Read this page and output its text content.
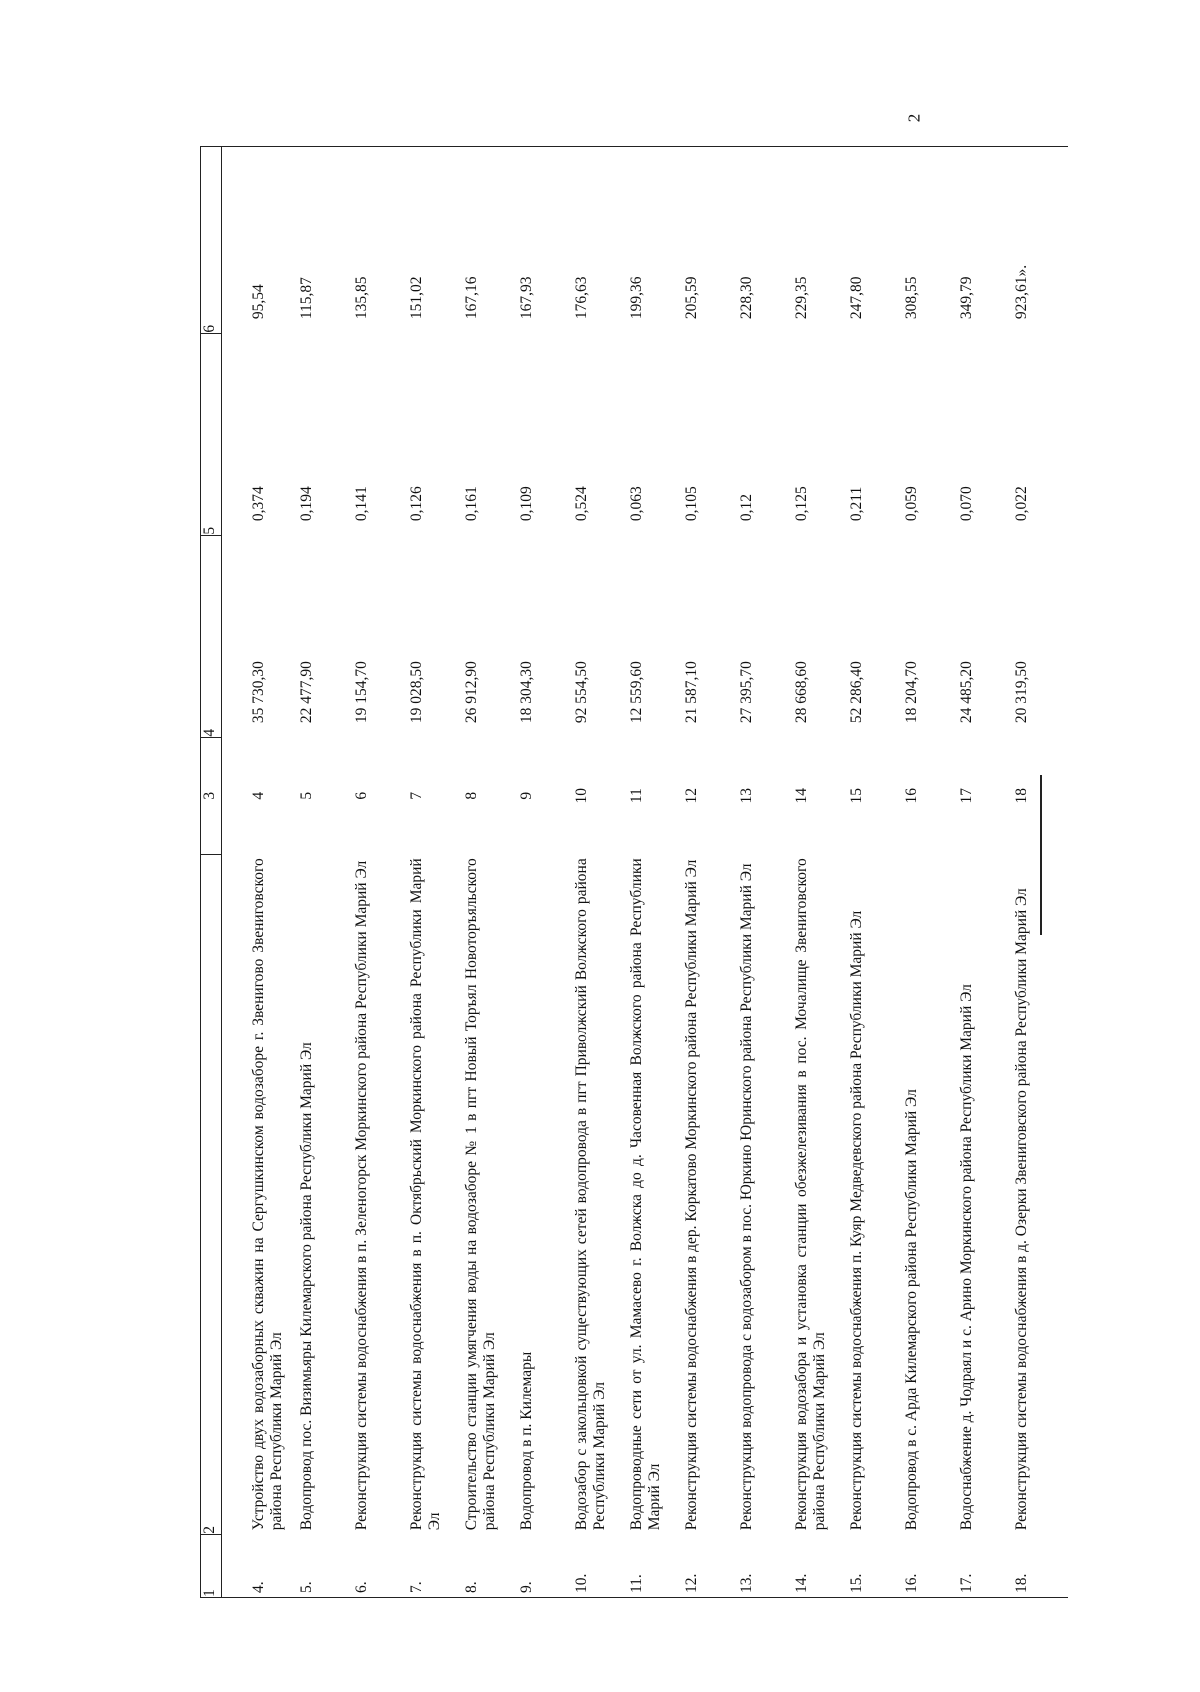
2
1	2	3	4	5	6
4.	Устройство двух водозаборных скважин на Сергушкинском водозаборе г. Звенигово Звениговского района Республики Марий Эл	4	35 730,30	0,374	95,54
5.	Водопровод пос. Визимьяры Килемарского района Республики Марий Эл	5	22 477,90	0,194	115,87
6.	Реконструкция системы водоснабжения в п. Зеленогорск Моркинского района Республики Марий Эл	6	19 154,70	0,141	135,85
7.	Реконструкция системы водоснабжения в п. Октябрьский Моркинского района Республики Марий Эл	7	19 028,50	0,126	151,02
8.	Строительство станции умягчения воды на водозаборе № 1 в пгт Новый Торъял Новоторъяльского района Республики Марий Эл	8	26 912,90	0,161	167,16
9.	Водопровод в п. Килемары	9	18 304,30	0,109	167,93
10.	Водозабор с закольцовкой существующих сетей водопровода в пгт Приволжский Волжского района Республики Марий Эл	10	92 554,50	0,524	176,63
11.	Водопроводные сети от ул. Мамасево г. Волжска до д. Часовенная Волжского района Республики Марий Эл	11	12 559,60	0,063	199,36
12.	Реконструкция системы водоснабжения в дер. Коркатово Моркинского района Республики Марий Эл	12	21 587,10	0,105	205,59
13.	Реконструкция водопровода с водозабором в пос. Юркино Юринского района Республики Марий Эл	13	27 395,70	0,12	228,30
14.	Реконструкция водозабора и установка станции обезжелезивания в пос. Мочалище Звениговского района Республики Марий Эл	14	28 668,60	0,125	229,35
15.	Реконструкция системы водоснабжения п. Куяр Медведевского района Республики Марий Эл	15	52 286,40	0,211	247,80
16.	Водопровод в с. Арда Килемарского района Республики Марий Эл	16	18 204,70	0,059	308,55
17.	Водоснабжение д. Чодраял и с. Арино Моркинского района Республики Марий Эл	17	24 485,20	0,070	349,79
18.	Реконструкция системы водоснабжения в д. Озерки Звениговского района Республики Марий Эл	18	20 319,50	0,022	923,61».
